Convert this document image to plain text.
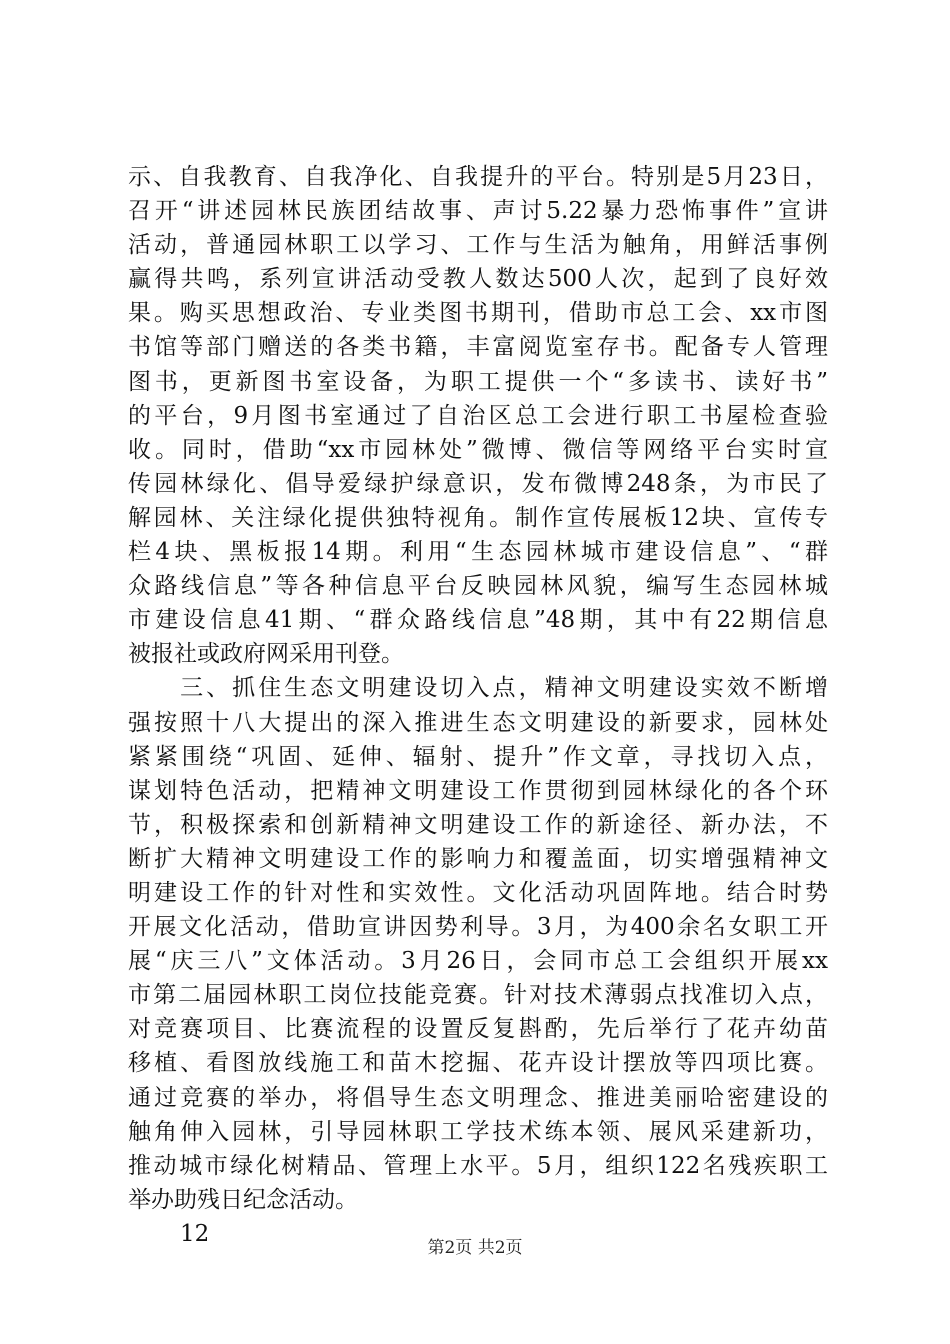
示、自我教育、自我净化、自我提升的平台。特别是5月23日，
召开“讲述园林民族团结故事、声讨5.22暴力恐怖事件”宣讲
活动，普通园林职工以学习、工作与生活为触角，用鲜活事例
赢得共鸣，系列宣讲活动受教人数达500人次，起到了良好效
果。购买思想政治、专业类图书期刊，借助市总工会、xx市图
书馆等部门赠送的各类书籍，丰富阅览室存书。配备专人管理
图书，更新图书室设备，为职工提供一个“多读书、读好书”
的平台，9月图书室通过了自治区总工会进行职工书屋检查验
收。同时，借助“xx市园林处”微博、微信等网络平台实时宣
传园林绿化、倡导爱绿护绿意识，发布微博248条，为市民了
解园林、关注绿化提供独特视角。制作宣传展板12块、宣传专
栏4块、黑板报14期。利用“生态园林城市建设信息”、“群
众路线信息”等各种信息平台反映园林风貌，编写生态园林城
市建设信息41期、“群众路线信息”48期，其中有22期信息
被报社或政府网采用刊登。
　　三、抓住生态文明建设切入点，精神文明建设实效不断增
强按照十八大提出的深入推进生态文明建设的新要求，园林处
紧紧围绕“巩固、延伸、辐射、提升”作文章，寻找切入点，
谋划特色活动，把精神文明建设工作贯彻到园林绿化的各个环
节，积极探索和创新精神文明建设工作的新途径、新办法，不
断扩大精神文明建设工作的影响力和覆盖面，切实增强精神文
明建设工作的针对性和实效性。文化活动巩固阵地。结合时势
开展文化活动，借助宣讲因势利导。3月，为400余名女职工开
展“庆三八”文体活动。3月26日，会同市总工会组织开展xx
市第二届园林职工岗位技能竞赛。针对技术薄弱点找准切入点，
对竞赛项目、比赛流程的设置反复斟酌，先后举行了花卉幼苗
移植、看图放线施工和苗木挖掘、花卉设计摆放等四项比赛。
通过竞赛的举办，将倡导生态文明理念、推进美丽哈密建设的
触角伸入园林，引导园林职工学技术练本领、展风采建新功，
推动城市绿化树精品、管理上水平。5月，组织122名残疾职工
举办助残日纪念活动。
12
第2页 共2页
